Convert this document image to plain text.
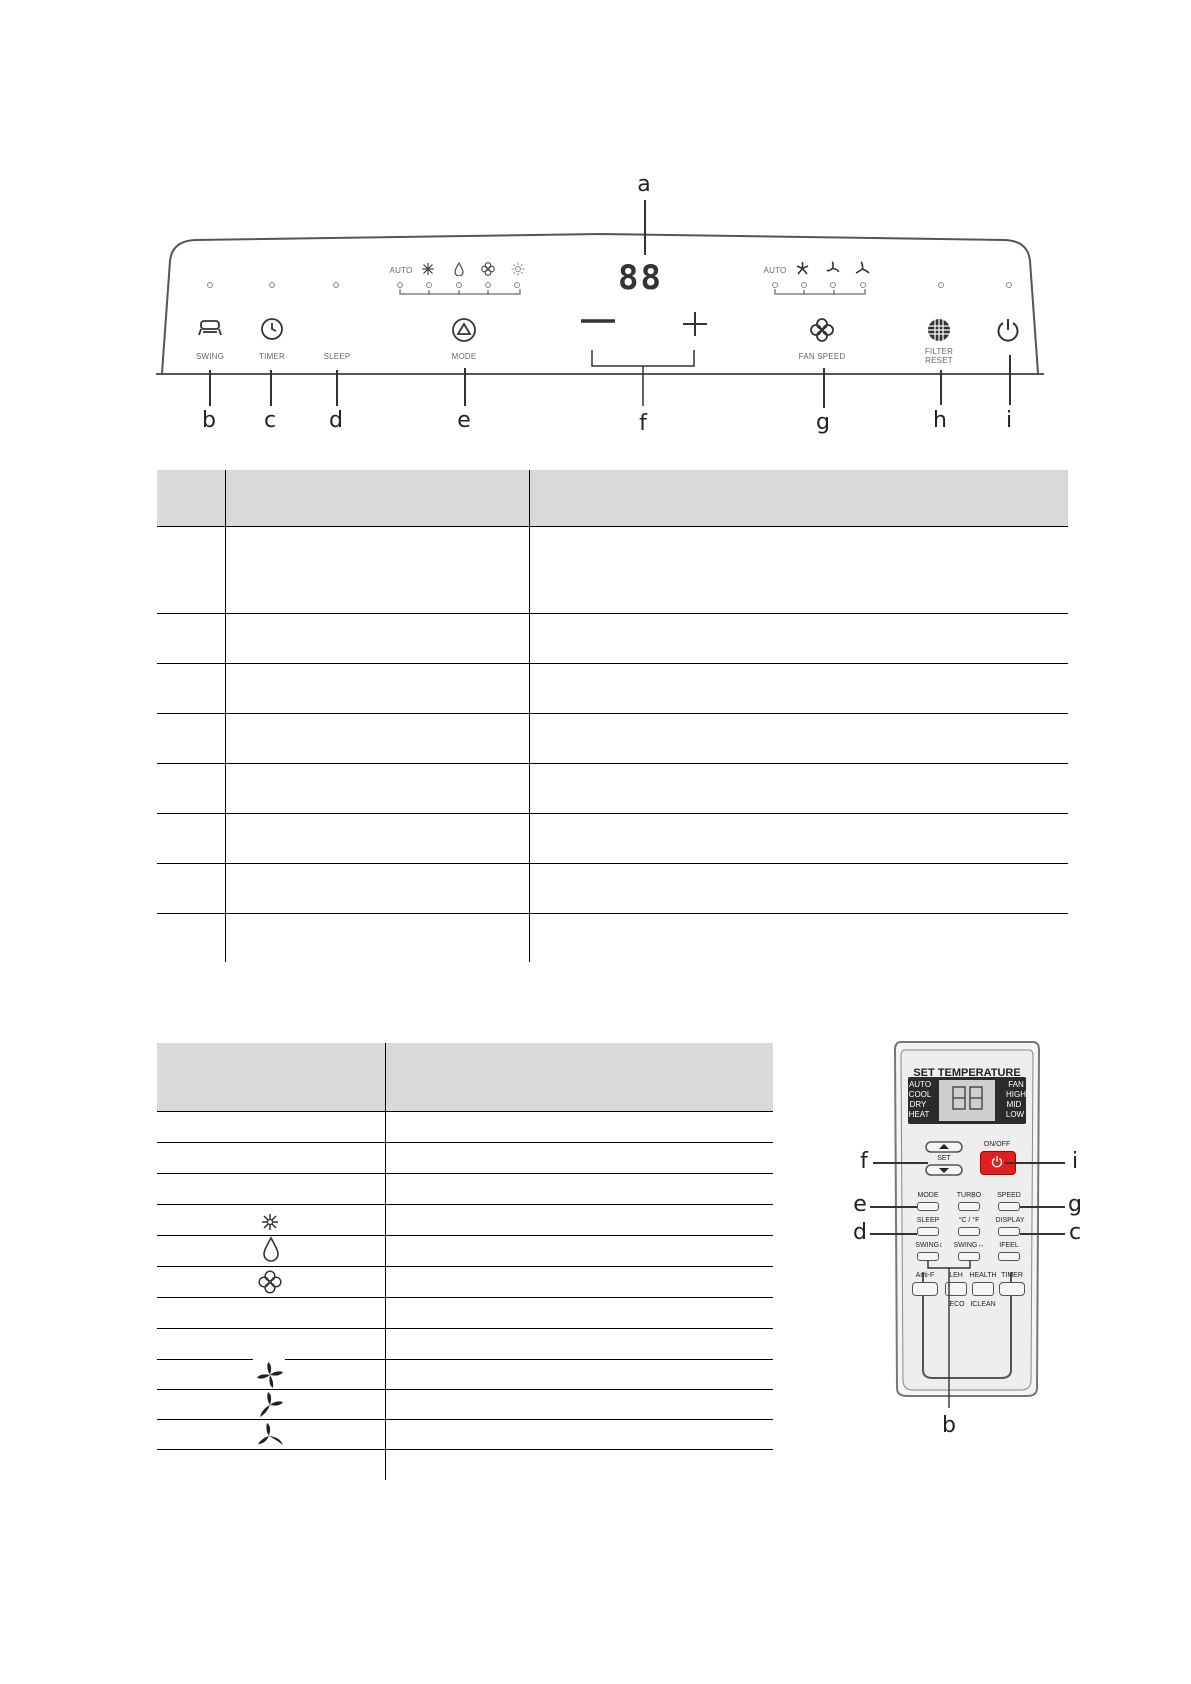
AUTO	88	AUTO
SWING	TIMER	SLEEP	MODE	FAN SPEED
FILTER RESET
a
b c d	e	f	g	h	i
SET TEMPERATURE
AUTO
COOL
DRY
HEAT
FAN
HIGH
MID
LOW
SET
ON/OFF
MODE	TURBO SPEED
SLEEP	°C / °F DISPLAY
SWING↕ SWING↔ IFEEL
Anti-F LEH HEALTH TIMER
ECO ICLEAN
f	i
e	g
d	c
b
